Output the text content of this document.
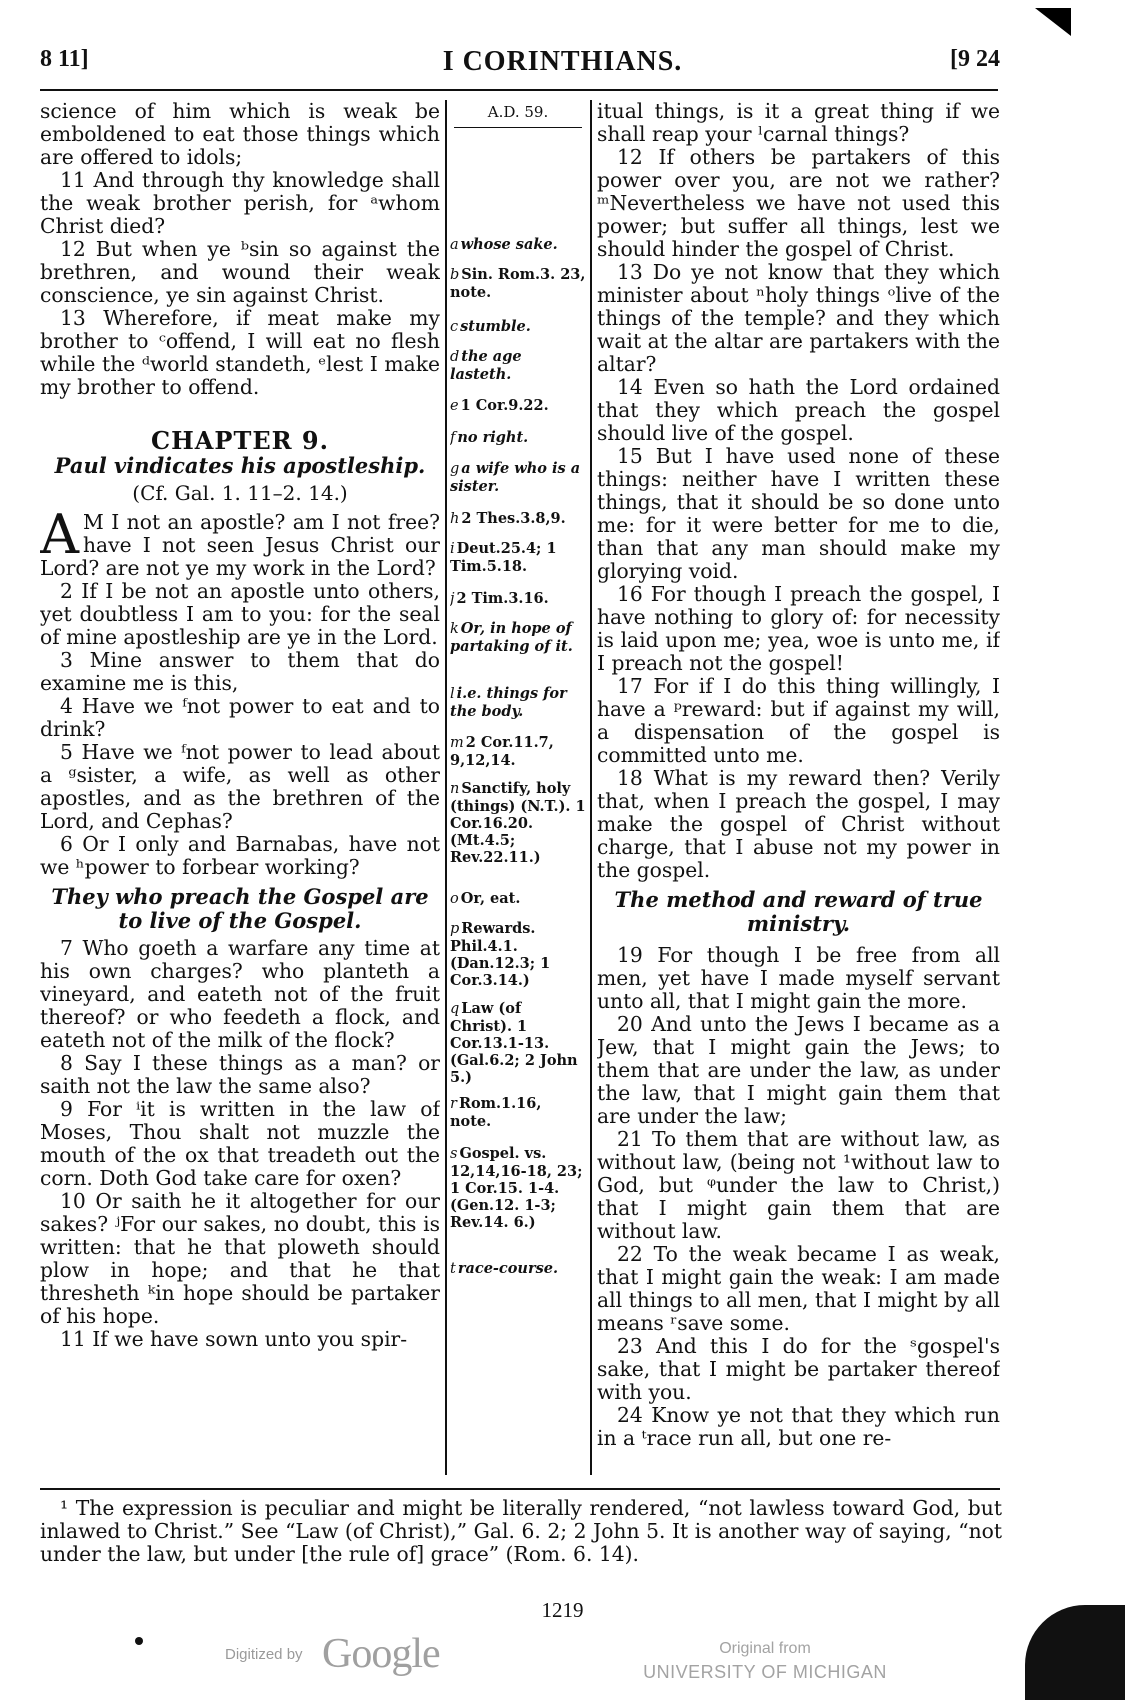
8 11]	I CORINTHIANS.	[9 24

science of him which is weak be emboldened to eat those things which are offered to idols;

11 And through thy knowledge shall the weak brother perish, for ᵃwhom Christ died?

12 But when ye ᵇsin so against the brethren, and wound their weak conscience, ye sin against Christ.

13 Wherefore, if meat make my brother to ᶜoffend, I will eat no flesh while the ᵈworld standeth, ᵉlest I make my brother to offend.

CHAPTER 9.
Paul vindicates his apostleship.
(Cf. Gal. 1. 11–2. 14.)

A M I not an apostle? am I not free? have I not seen Jesus Christ our Lord? are not ye my work in the Lord?

2 If I be not an apostle unto others, yet doubtless I am to you: for the seal of mine apostleship are ye in the Lord.

3 Mine answer to them that do examine me is this,

4 Have we ᶠnot power to eat and to drink?

5 Have we ᶠnot power to lead about a ᵍsister, a wife, as well as other apostles, and as the brethren of the Lord, and Cephas?

6 Or I only and Barnabas, have not we ʰpower to forbear working?

They who preach the Gospel are to live of the Gospel.

7 Who goeth a warfare any time at his own charges? who planteth a vineyard, and eateth not of the fruit thereof? or who feedeth a flock, and eateth not of the milk of the flock?

8 Say I these things as a man? or saith not the law the same also?

9 For ⁱit is written in the law of Moses, Thou shalt not muzzle the mouth of the ox that treadeth out the corn. Doth God take care for oxen?

10 Or saith he it altogether for our sakes? ʲFor our sakes, no doubt, this is written: that he that ploweth should plow in hope; and that he that thresheth ᵏin hope should be partaker of his hope.

11 If we have sown unto you spir-

A.D. 59.
a whose sake.
b Sin. Rom.3. 23, note.
c stumble.
d the age lasteth.
e 1 Cor.9.22.
f no right.
g a wife who is a sister.
h 2 Thes.3.8,9.
i Deut.25.4; 1 Tim.5.18.
j 2 Tim.3.16.
k Or, in hope of partaking of it.
l i.e. things for the body.
m 2 Cor.11.7, 9,12,14.
n Sanctify, holy (things) (N.T.). 1 Cor.16.20. (Mt.4.5; Rev.22.11.)
o Or, eat.
p Rewards. Phil.4.1. (Dan.12.3; 1 Cor.3.14.)
q Law (of Christ). 1 Cor.13.1-13. (Gal.6.2; 2 John 5.)
r Rom.1.16, note.
s Gospel. vs. 12,14,16-18, 23; 1 Cor.15. 1-4. (Gen.12. 1-3; Rev.14. 6.)
t race-course.

itual things, is it a great thing if we shall reap your ˡcarnal things?

12 If others be partakers of this power over you, are not we rather? ᵐNevertheless we have not used this power; but suffer all things, lest we should hinder the gospel of Christ.

13 Do ye not know that they which minister about ⁿholy things ᵒlive of the things of the temple? and they which wait at the altar are partakers with the altar?

14 Even so hath the Lord ordained that they which preach the gospel should live of the gospel.

15 But I have used none of these things: neither have I written these things, that it should be so done unto me: for it were better for me to die, than that any man should make my glorying void.

16 For though I preach the gospel, I have nothing to glory of: for necessity is laid upon me; yea, woe is unto me, if I preach not the gospel!

17 For if I do this thing willingly, I have a ᵖreward: but if against my will, a dispensation of the gospel is committed unto me.

18 What is my reward then? Verily that, when I preach the gospel, I may make the gospel of Christ without charge, that I abuse not my power in the gospel.

The method and reward of true ministry.

19 For though I be free from all men, yet have I made myself servant unto all, that I might gain the more.

20 And unto the Jews I became as a Jew, that I might gain the Jews; to them that are under the law, as under the law, that I might gain them that are under the law;

21 To them that are without law, as without law, (being not ¹without law to God, but ᵠunder the law to Christ,) that I might gain them that are without law.

22 To the weak became I as weak, that I might gain the weak: I am made all things to all men, that I might by all means ʳsave some.

23 And this I do for the ˢgospel's sake, that I might be partaker thereof with you.

24 Know ye not that they which run in a ᵗrace run all, but one re-

¹ The expression is peculiar and might be literally rendered, “not lawless toward God, but inlawed to Christ.” See “Law (of Christ),” Gal. 6. 2; 2 John 5. It is another way of saying, “not under the law, but under [the rule of] grace” (Rom. 6. 14).
1219
Digitized by Google	Original from
UNIVERSITY OF MICHIGAN
